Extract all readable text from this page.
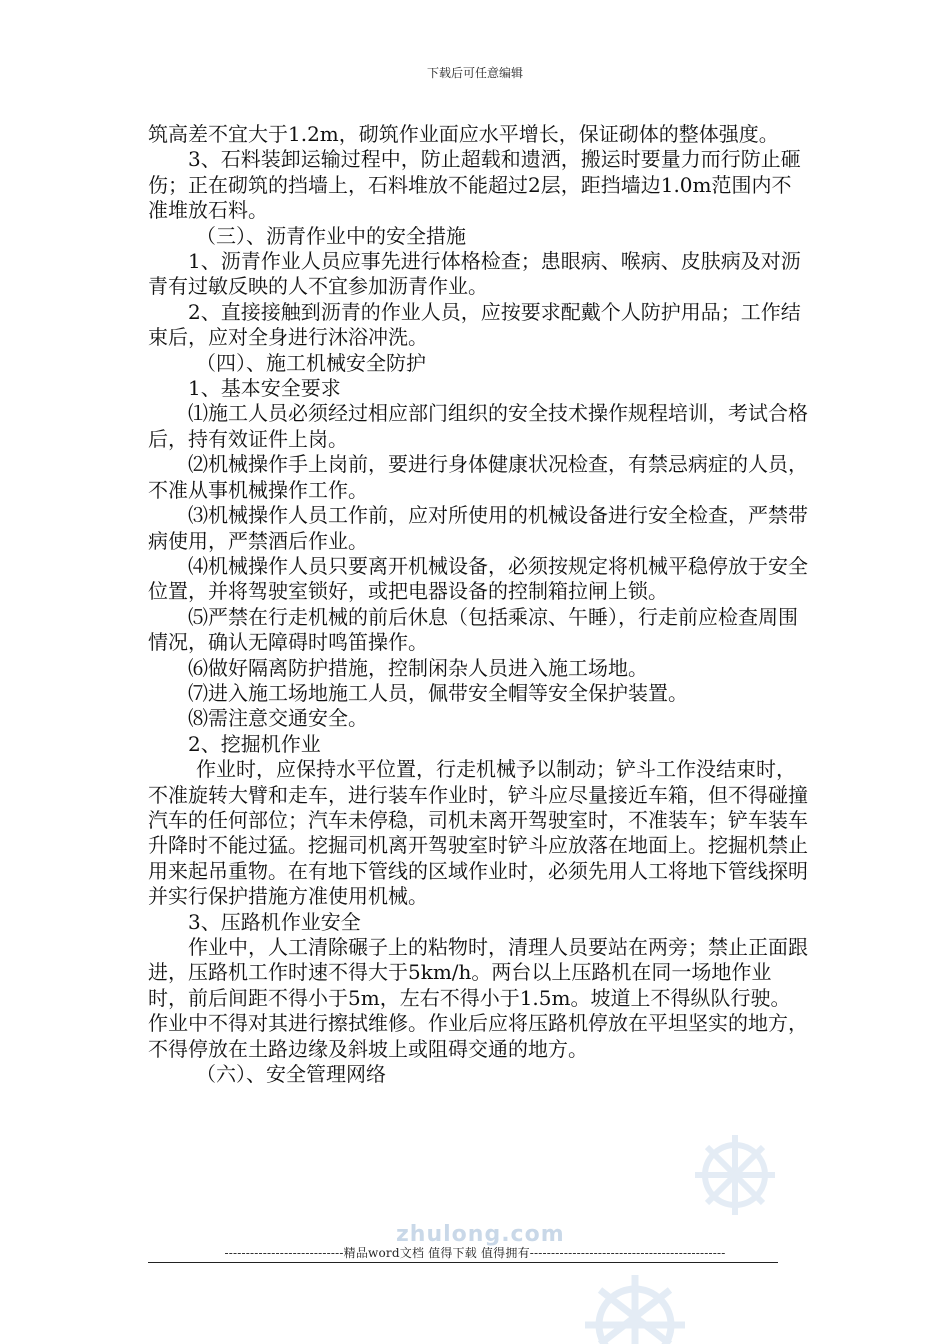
下载后可任意编辑

筑高差不宜大于1.2m，砌筑作业面应水平增长，保证砌体的整体强度。

3、石料装卸运输过程中，防止超载和遗洒，搬运时要量力而行防止砸伤；正在砌筑的挡墙上，石料堆放不能超过2层，距挡墙边1.0m范围内不准堆放石料。

（三）、沥青作业中的安全措施

1、沥青作业人员应事先进行体格检查；患眼病、喉病、皮肤病及对沥青有过敏反映的人不宜参加沥青作业。

2、直接接触到沥青的作业人员，应按要求配戴个人防护用品；工作结束后，应对全身进行沐浴冲洗。

（四）、施工机械安全防护

1、基本安全要求

⑴施工人员必须经过相应部门组织的安全技术操作规程培训，考试合格后，持有效证件上岗。

⑵机械操作手上岗前，要进行身体健康状况检查，有禁忌病症的人员，不准从事机械操作工作。

⑶机械操作人员工作前，应对所使用的机械设备进行安全检查，严禁带病使用，严禁酒后作业。

⑷机械操作人员只要离开机械设备，必须按规定将机械平稳停放于安全位置，并将驾驶室锁好，或把电器设备的控制箱拉闸上锁。

⑸严禁在行走机械的前后休息（包括乘凉、午睡），行走前应检查周围情况，确认无障碍时鸣笛操作。

⑹做好隔离防护措施，控制闲杂人员进入施工场地。

⑺进入施工场地施工人员，佩带安全帽等安全保护装置。

⑻需注意交通安全。

2、挖掘机作业

作业时，应保持水平位置，行走机械予以制动；铲斗工作没结束时，不准旋转大臂和走车，进行装车作业时，铲斗应尽量接近车箱，但不得碰撞汽车的任何部位；汽车未停稳，司机未离开驾驶室时，不准装车；铲车装车升降时不能过猛。挖掘司机离开驾驶室时铲斗应放落在地面上。挖掘机禁止用来起吊重物。在有地下管线的区域作业时，必须先用人工将地下管线探明并实行保护措施方准使用机械。

3、压路机作业安全

作业中，人工清除碾子上的粘物时，清理人员要站在两旁；禁止正面跟进，压路机工作时速不得大于5km/h。两台以上压路机在同一场地作业时，前后间距不得小于5m，左右不得小于1.5m。坡道上不得纵队行驶。作业中不得对其进行擦拭维修。作业后应将压路机停放在平坦坚实的地方，不得停放在土路边缘及斜坡上或阻碍交通的地方。

（六）、安全管理网络

zhulong.com
----------------------------精品word文档 值得下载 值得拥有----------------------------------------------
